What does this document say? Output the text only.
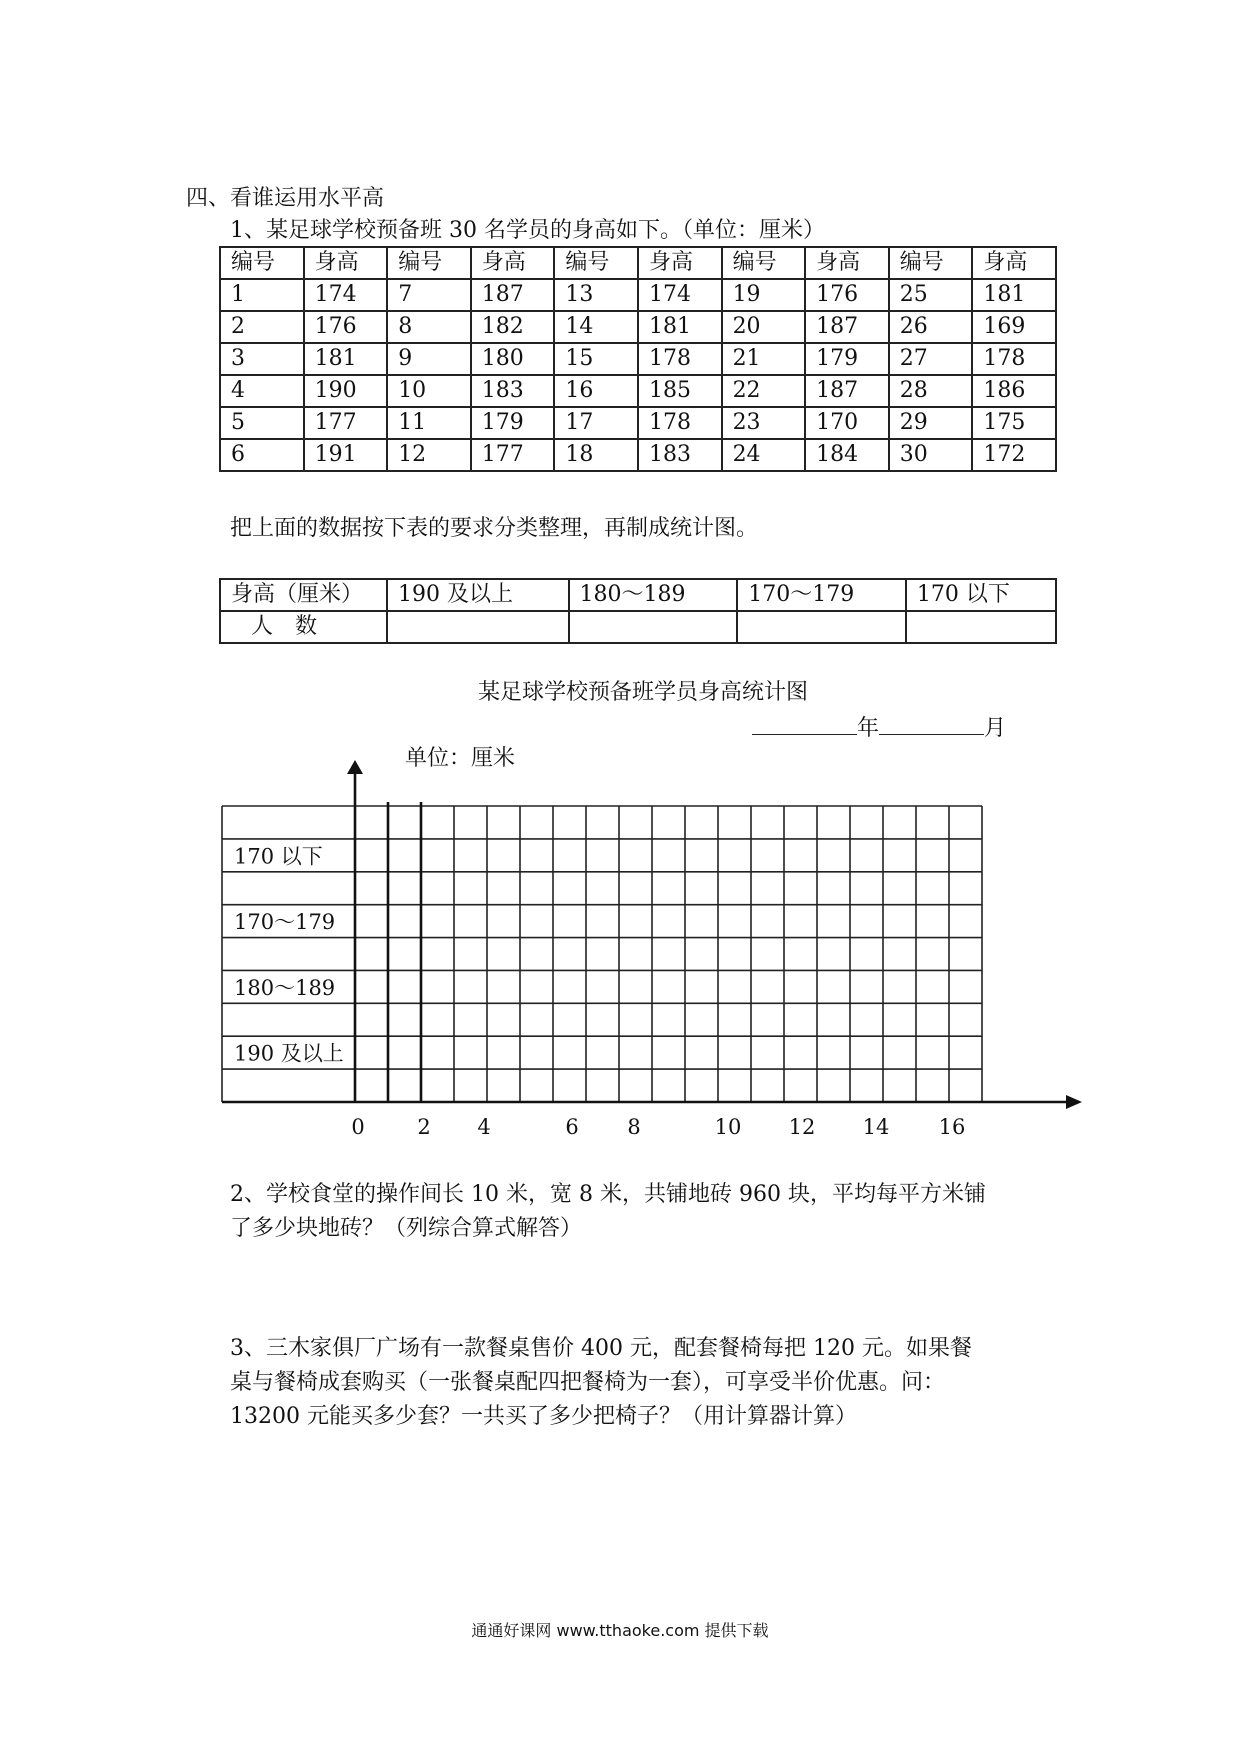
四、看谁运用水平高
1、某足球学校预备班 30 名学员的身高如下。（单位：厘米）
编号	身高	编号	身高	编号	身高	编号	身高	编号	身高
1	174	7	187	13	174	19	176	25	181
2	176	8	182	14	181	20	187	26	169
3	181	9	180	15	178	21	179	27	178
4	190	10	183	16	185	22	187	28	186
5	177	11	179	17	178	23	170	29	175
6	191	12	177	18	183	24	184	30	172
把上面的数据按下表的要求分类整理，再制成统计图。
身高（厘米）	190 及以上	180～189	170～179	170 以下
人　数				
某足球学校预备班学员身高统计图
年	月
单位：厘米
170 以下
170～179
180～189
190 及以上
0	2 4	6 8	10 12 14 16
2、学校食堂的操作间长 10 米，宽 8 米，共铺地砖 960 块，平均每平方米铺
了多少块地砖？（列综合算式解答）
3、三木家俱厂广场有一款餐桌售价 400 元，配套餐椅每把 120 元。如果餐
桌与餐椅成套购买（一张餐桌配四把餐椅为一套），可享受半价优惠。问：
13200 元能买多少套？一共买了多少把椅子？（用计算器计算）
通通好课网 www.tthaoke.com 提供下载
